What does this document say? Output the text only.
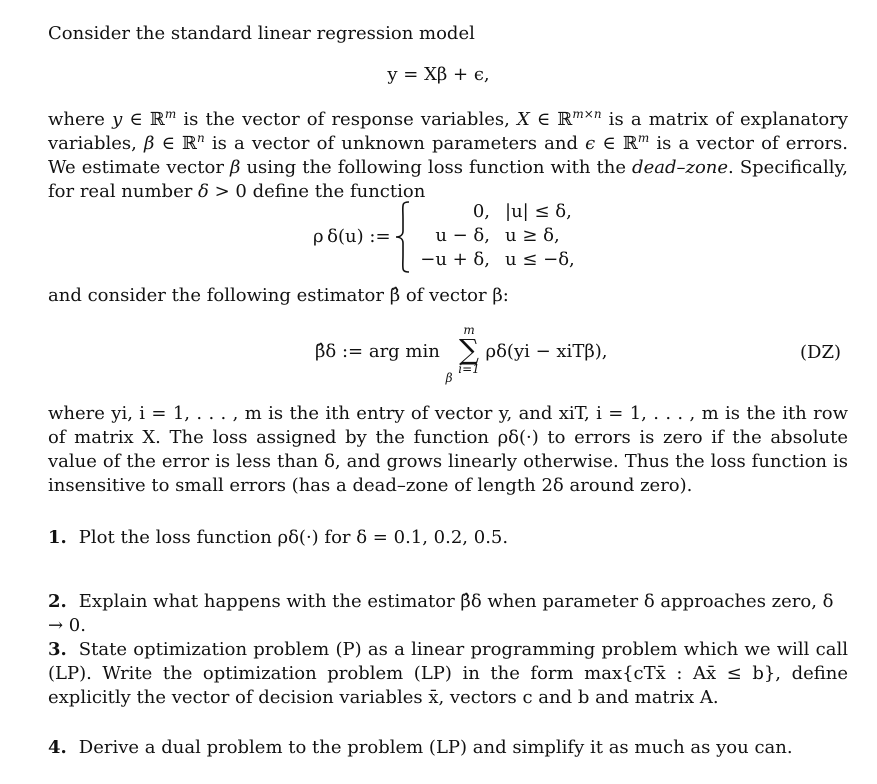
Consider the standard linear regression model

y = Xβ + ϵ,

where y ∈ ℝ$^m$ is the vector of response variables, X ∈ ℝ$^{m\times n}$ is a matrix of explanatory variables, β ∈ ℝ$^n$ is a vector of unknown parameters and ϵ ∈ ℝ$^m$ is a vector of errors. We estimate vector β using the following loss function with the dead–zone. Specifically, for real number δ > 0 define the function

ρ δ(u) :=
0, |u| ≤ δ,
u − δ, u ≥ δ,
−u + δ, u ≤ −δ,

and consider the following estimator β̂ of vector β:

β̂δ := arg min
β

m
∑
i=1
ρδ(yi − xiTβ),	(DZ)

where yi, i = 1, . . . , m is the ith entry of vector y, and xiT, i = 1, . . . , m is the ith row of matrix X. The loss assigned by the function ρδ(·) to errors is zero if the absolute value of the error is less than δ, and grows linearly otherwise. Thus the loss function is insensitive to small errors (has a dead–zone of length 2δ around zero).

1. Plot the loss function ρδ(·) for δ = 0.1, 0.2, 0.5.

2. Explain what happens with the estimator β̂δ when parameter δ approaches zero, δ → 0.

3. State optimization problem (P) as a linear programming problem which we will call (LP). Write the optimization problem (LP) in the form max{cTx̄ : Ax̄ ≤ b}, define explicitly the vector of decision variables x̄, vectors c and b and matrix A.

4. Derive a dual problem to the problem (LP) and simplify it as much as you can.
